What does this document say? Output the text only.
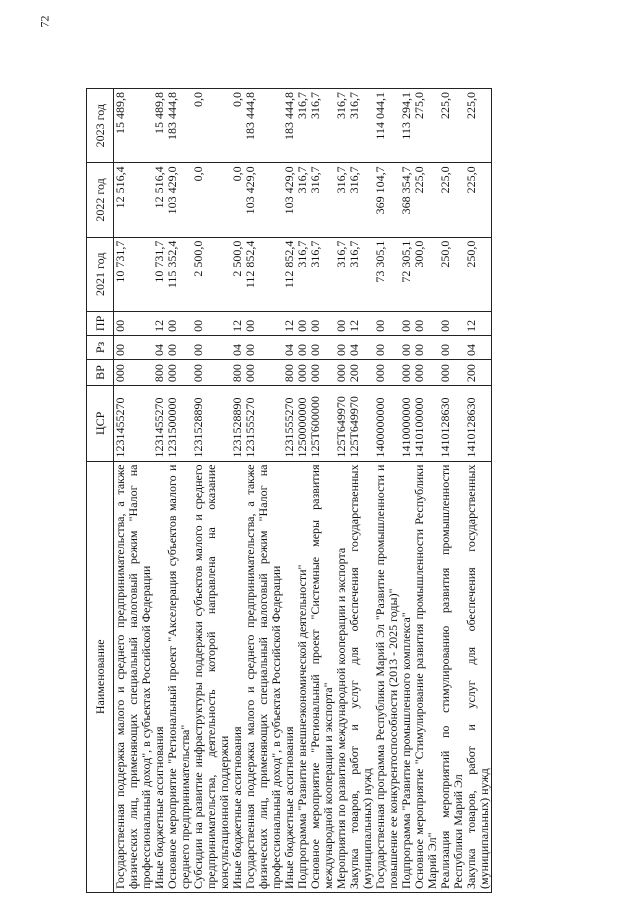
72
Наименование	ЦСР	ВР	Рз	ПР	2021 год	2022 год	2023 год
Государственная поддержка малого и среднего предпринимательства, а также физических лиц, применяющих специальный налоговый режим "Налог на профессиональный доход", в субъектах Российской Федерации	1231455270	000	00	00	10 731,7	12 516,4	15 489,8
Иные бюджетные ассигнования	1231455270	800	04	12	10 731,7	12 516,4	15 489,8
Основное мероприятие "Региональный проект "Акселерация субъектов малого и среднего предпринимательства"	1231500000	000	00	00	115 352,4	103 429,0	183 444,8
Субсидии на развитие инфраструктуры поддержки субъектов малого и среднего предпринимательства, деятельность которой направлена на оказание консультационной поддержки	1231528890	000	00	00	2 500,0	0,0	0,0
Иные бюджетные ассигнования	1231528890	800	04	12	2 500,0	0,0	0,0
Государственная поддержка малого и среднего предпринимательства, а также физических лиц, применяющих специальный налоговый режим "Налог на профессиональный доход", в субъектах Российской Федерации	1231555270	000	00	00	112 852,4	103 429,0	183 444,8
Иные бюджетные ассигнования	1231555270	800	04	12	112 852,4	103 429,0	183 444,8
Подпрограмма "Развитие внешнеэкономической деятельности"	1250000000	000	00	00	316,7	316,7	316,7
Основное мероприятие "Региональный проект "Системные меры развития международной кооперации и экспорта"	125Т600000	000	00	00	316,7	316,7	316,7
Мероприятия по развитию международной кооперации и экспорта	125Т649970	000	00	00	316,7	316,7	316,7
Закупка товаров, работ и услуг для обеспечения государственных (муниципальных) нужд	125Т649970	200	04	12	316,7	316,7	316,7
Государственная программа Республики Марий Эл "Развитие промышленности и повышение ее конкурентоспособности (2013 - 2025 годы)"	1400000000	000	00	00	73 305,1	369 104,7	114 044,1
Подпрограмма "Развитие промышленного комплекса"	1410000000	000	00	00	72 305,1	368 354,7	113 294,1
Основное мероприятие "Стимулирование развития промышленности Республики Марий Эл"	1410100000	000	00	00	300,0	225,0	275,0
Реализация мероприятий по стимулированию развития промышленности Республики Марий Эл	1410128630	000	00	00	250,0	225,0	225,0
Закупка товаров, работ и услуг для обеспечения государственных (муниципальных) нужд	1410128630	200	04	12	250,0	225,0	225,0
